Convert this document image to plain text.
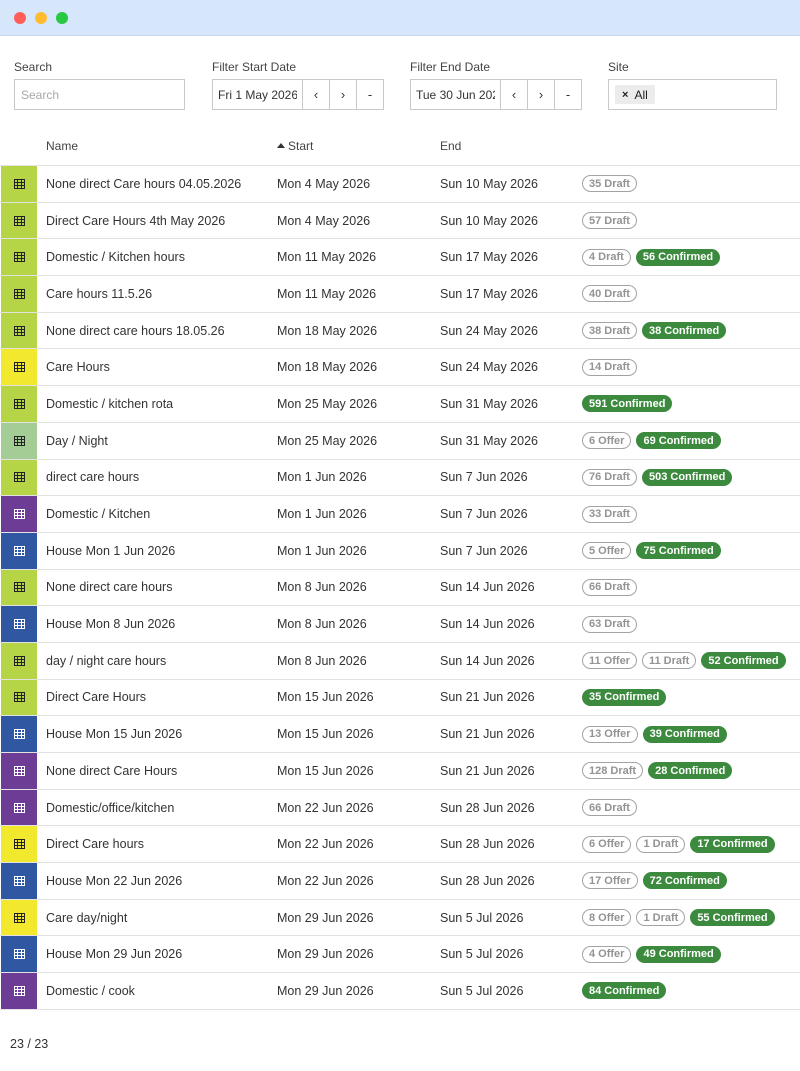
Search
Search	Filter Start Date
Fri 1 May 2026
‹	›	-
Filter End Date
Tue 30 Jun 2026
‹	›	-
Site
× All
Name	Start	End
None direct Care hours 04.05.2026	Mon 4 May 2026	Sun 10 May 2026	35 Draft
Direct Care Hours 4th May 2026	Mon 4 May 2026	Sun 10 May 2026	57 Draft
Domestic / Kitchen hours	Mon 11 May 2026	Sun 17 May 2026	4 Draft	56 Confirmed
Care hours 11.5.26	Mon 11 May 2026	Sun 17 May 2026	40 Draft
None direct care hours 18.05.26	Mon 18 May 2026	Sun 24 May 2026	38 Draft	38 Confirmed
Care Hours	Mon 18 May 2026	Sun 24 May 2026	14 Draft
Domestic / kitchen rota	Mon 25 May 2026	Sun 31 May 2026	591 Confirmed
Day / Night	Mon 25 May 2026	Sun 31 May 2026	6 Offer	69 Confirmed
direct care hours	Mon 1 Jun 2026	Sun 7 Jun 2026	76 Draft	503 Confirmed
Domestic / Kitchen	Mon 1 Jun 2026	Sun 7 Jun 2026	33 Draft
House Mon 1 Jun 2026	Mon 1 Jun 2026	Sun 7 Jun 2026	5 Offer	75 Confirmed
None direct care hours	Mon 8 Jun 2026	Sun 14 Jun 2026	66 Draft
House Mon 8 Jun 2026	Mon 8 Jun 2026	Sun 14 Jun 2026	63 Draft
day / night care hours	Mon 8 Jun 2026	Sun 14 Jun 2026	11 Offer	11 Draft	52 Confirmed
Direct Care Hours	Mon 15 Jun 2026	Sun 21 Jun 2026	35 Confirmed
House Mon 15 Jun 2026	Mon 15 Jun 2026	Sun 21 Jun 2026	13 Offer	39 Confirmed
None direct Care Hours	Mon 15 Jun 2026	Sun 21 Jun 2026	128 Draft	28 Confirmed
Domestic/office/kitchen	Mon 22 Jun 2026	Sun 28 Jun 2026	66 Draft
Direct Care hours	Mon 22 Jun 2026	Sun 28 Jun 2026	6 Offer	1 Draft	17 Confirmed
House Mon 22 Jun 2026	Mon 22 Jun 2026	Sun 28 Jun 2026	17 Offer	72 Confirmed
Care day/night	Mon 29 Jun 2026	Sun 5 Jul 2026	8 Offer	1 Draft	55 Confirmed
House Mon 29 Jun 2026	Mon 29 Jun 2026	Sun 5 Jul 2026	4 Offer	49 Confirmed
Domestic / cook	Mon 29 Jun 2026	Sun 5 Jul 2026	84 Confirmed
23 / 23
